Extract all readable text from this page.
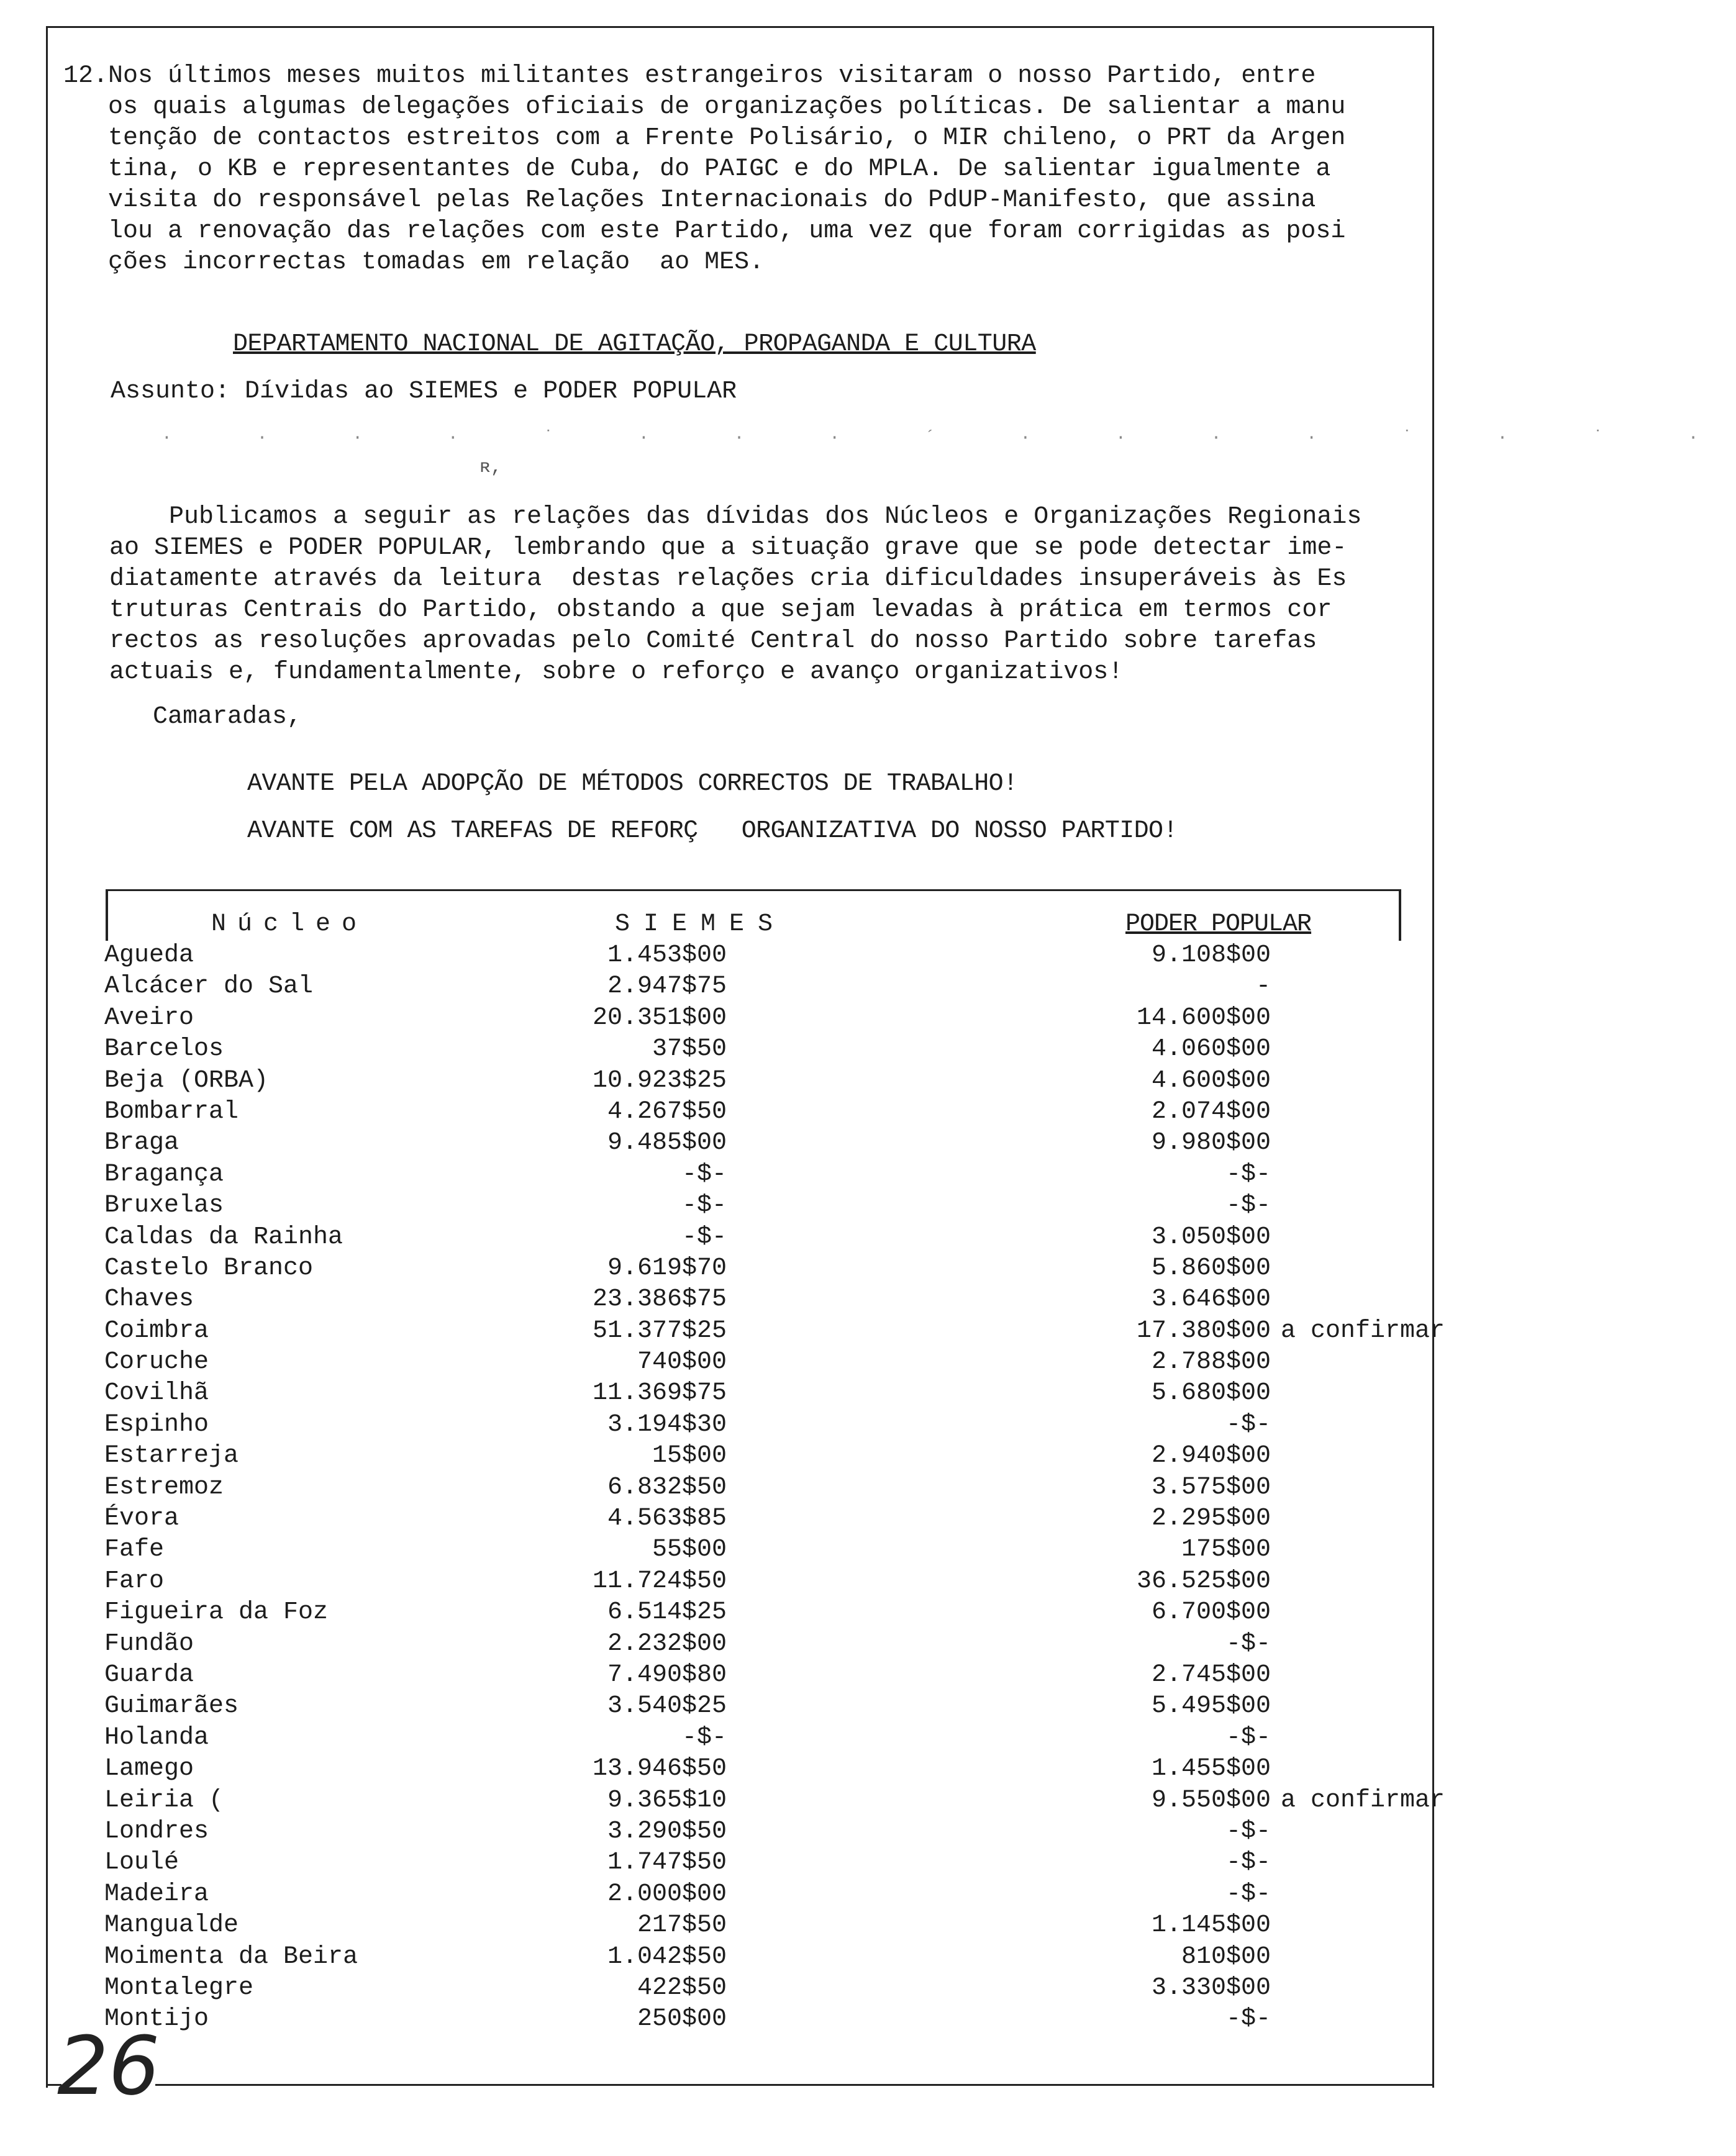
12.Nos últimos meses muitos militantes estrangeiros visitaram o nosso Partido, entre
os quais algumas delegações oficiais de organizações políticas. De salientar a manu
tenção de contactos estreitos com a Frente Polisário, o MIR chileno, o PRT da Argen
tina, o KB e representantes de Cuba, do PAIGC e do MPLA. De salientar igualmente a
visita do responsável pelas Relações Internacionais do PdUP-Manifesto, que assina
lou a renovação das relações com este Partido, uma vez que foram corrigidas as posi
ções incorrectas tomadas em relação  ao MES.
DEPARTAMENTO NACIONAL DE AGITAÇÃO, PROPAGANDA E CULTURA
Assunto: Dívidas ao SIEMES e PODER POPULAR
· · · · ˙ · · · ´ · · · · ˙ · ˙ ·
ʀ,
Publicamos a seguir as relações das dívidas dos Núcleos e Organizações Regionais
ao SIEMES e PODER POPULAR, lembrando que a situação grave que se pode detectar ime-
diatamente através da leitura  destas relações cria dificuldades insuperáveis às Es
truturas Centrais do Partido, obstando a que sejam levadas à prática em termos cor
rectos as resoluções aprovadas pelo Comité Central do nosso Partido sobre tarefas
actuais e, fundamentalmente, sobre o reforço e avanço organizativos!
Camaradas,
AVANTE PELA ADOPÇÃO DE MÉTODOS CORRECTOS DE TRABALHO!
AVANTE COM AS TAREFAS DE REFORÇ   ORGANIZATIVA DO NOSSO PARTIDO!
Núcleo	SIEMES	PODER POPULAR
Agueda	1.453$00	9.108$00
Alcácer do Sal	2.947$75	-
Aveiro	20.351$00	14.600$00
Barcelos	37$50	4.060$00
Beja (ORBA)	10.923$25	4.600$00
Bombarral	4.267$50	2.074$00
Braga	9.485$00	9.980$00
Bragança	-$-	-$-
Bruxelas	-$-	-$-
Caldas da Rainha	-$-	3.050$00
Castelo Branco	9.619$70	5.860$00
Chaves	23.386$75	3.646$00
Coimbra	51.377$25	17.380$00 a confirmar
Coruche	740$00	2.788$00
Covilhã	11.369$75	5.680$00
Espinho	3.194$30	-$-
Estarreja	15$00	2.940$00
Estremoz	6.832$50	3.575$00
Évora	4.563$85	2.295$00
Fafe	55$00	175$00
Faro	11.724$50	36.525$00
Figueira da Foz	6.514$25	6.700$00
Fundão	2.232$00	-$-
Guarda	7.490$80	2.745$00
Guimarães	3.540$25	5.495$00
Holanda	-$-	-$-
Lamego	13.946$50	1.455$00
Leiria (	9.365$10	9.550$00 a confirmar
Londres	3.290$50	-$-
Loulé	1.747$50	-$-
Madeira	2.000$00	-$-
Mangualde	217$50	1.145$00
Moimenta da Beira	1.042$50	810$00
Montalegre	422$50	3.330$00
Montijo	250$00	-$-
26
